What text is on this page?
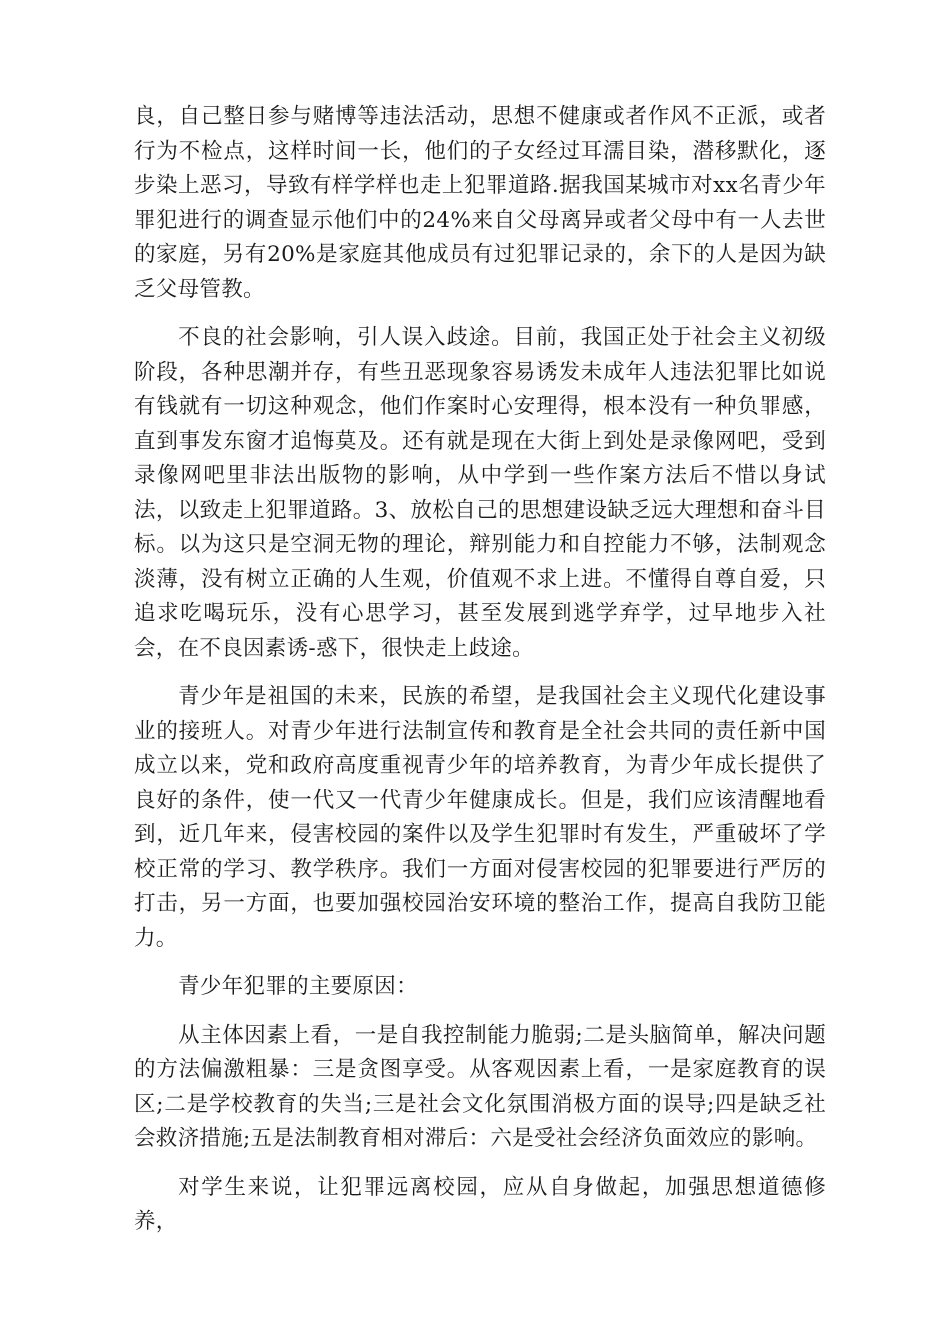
良，自己整日参与赌博等违法活动，思想不健康或者作风不正派，或者行为不检点，这样时间一长，他们的子女经过耳濡目染，潜移默化，逐步染上恶习，导致有样学样也走上犯罪道路.据我国某城市对xx名青少年罪犯进行的调查显示他们中的24%来自父母离异或者父母中有一人去世的家庭，另有20%是家庭其他成员有过犯罪记录的，余下的人是因为缺乏父母管教。

不良的社会影响，引人误入歧途。目前，我国正处于社会主义初级阶段，各种思潮并存，有些丑恶现象容易诱发未成年人违法犯罪比如说有钱就有一切这种观念，他们作案时心安理得，根本没有一种负罪感，直到事发东窗才追悔莫及。还有就是现在大街上到处是录像网吧，受到录像网吧里非法出版物的影响，从中学到一些作案方法后不惜以身试法，以致走上犯罪道路。3、放松自己的思想建设缺乏远大理想和奋斗目标。以为这只是空洞无物的理论，辩别能力和自控能力不够，法制观念淡薄，没有树立正确的人生观，价值观不求上进。不懂得自尊自爱，只追求吃喝玩乐，没有心思学习，甚至发展到逃学弃学，过早地步入社会，在不良因素诱-惑下，很快走上歧途。

青少年是祖国的未来，民族的希望，是我国社会主义现代化建设事业的接班人。对青少年进行法制宣传和教育是全社会共同的责任新中国成立以来，党和政府高度重视青少年的培养教育，为青少年成长提供了良好的条件，使一代又一代青少年健康成长。但是，我们应该清醒地看到，近几年来，侵害校园的案件以及学生犯罪时有发生，严重破坏了学校正常的学习、教学秩序。我们一方面对侵害校园的犯罪要进行严厉的打击，另一方面，也要加强校园治安环境的整治工作，提高自我防卫能力。

青少年犯罪的主要原因：

从主体因素上看，一是自我控制能力脆弱;二是头脑简单，解决问题的方法偏激粗暴：三是贪图享受。从客观因素上看，一是家庭教育的误区;二是学校教育的失当;三是社会文化氛围消极方面的误导;四是缺乏社会救济措施;五是法制教育相对滞后：六是受社会经济负面效应的影响。

对学生来说，让犯罪远离校园，应从自身做起，加强思想道德修养，
